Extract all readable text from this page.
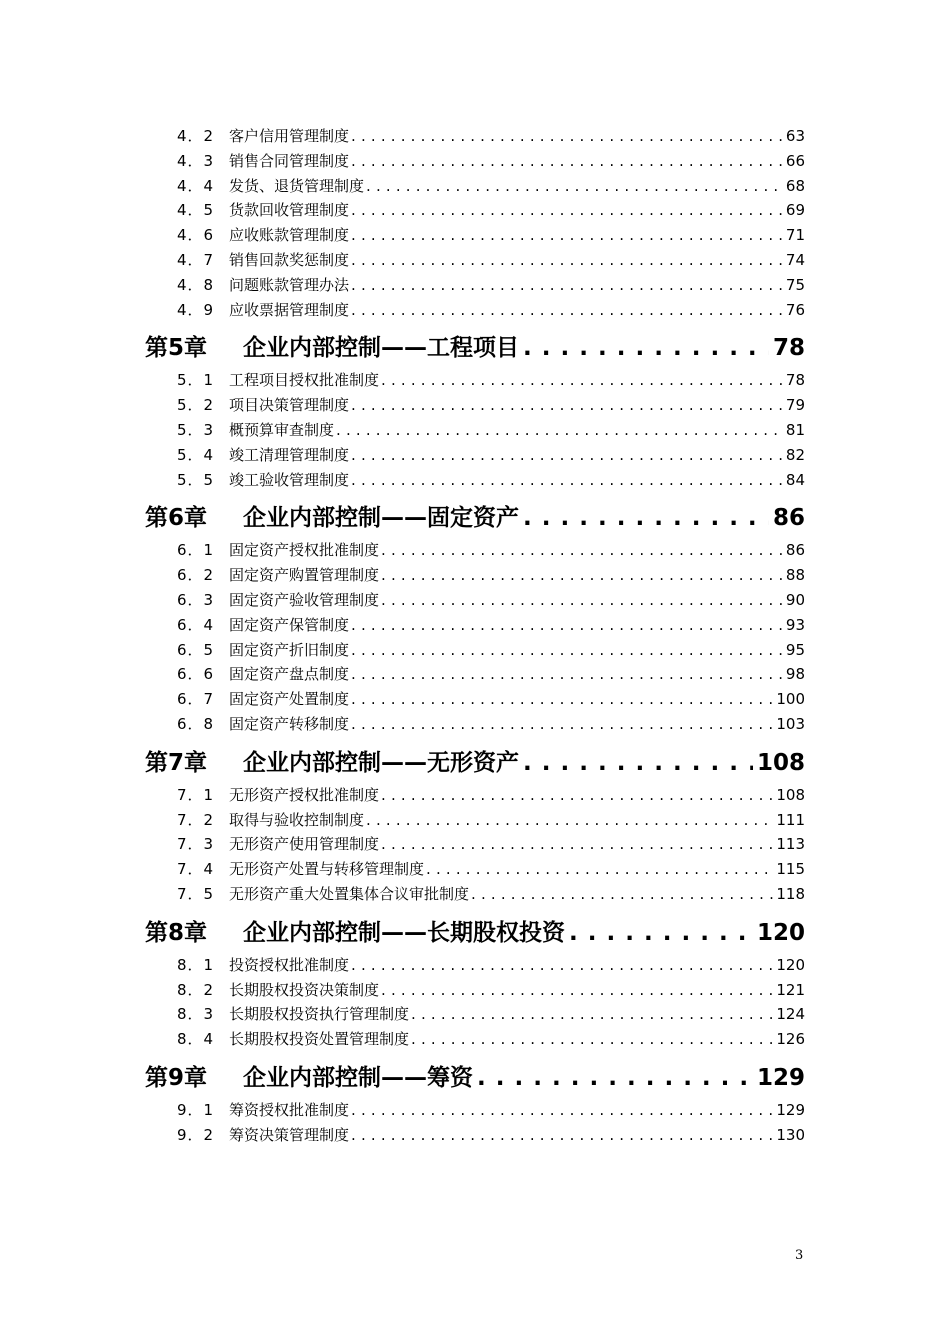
4．2 客户信用管理制度 . . .	63
4．3 销售合同管理制度 . . .	66
4．4 发货、退货管理制度 . . .	68
4．5 货款回收管理制度 . . .	69
4．6 应收账款管理制度 . . .	71
4．7 销售回款奖惩制度 . . .	74
4．8 问题账款管理办法 . . .	75
4．9 应收票据管理制度 . . .	76
第5章	企业内部控制——工程项目 . . .	78
5．1 工程项目授权批准制度 . . .	78
5．2 项目决策管理制度 . . .	79
5．3 概预算审查制度 . . .	81
5．4 竣工清理管理制度 . . .	82
5．5 竣工验收管理制度 . . .	84
第6章	企业内部控制——固定资产 . . .	86
6．1 固定资产授权批准制度 . . .	86
6．2 固定资产购置管理制度 . . .	88
6．3 固定资产验收管理制度 . . .	90
6．4 固定资产保管制度 . . .	93
6．5 固定资产折旧制度 . . .	95
6．6 固定资产盘点制度 . . .	98
6．7 固定资产处置制度 . . .	100
6．8 固定资产转移制度 . . .	103
第7章	企业内部控制——无形资产 . . .	108
7．1 无形资产授权批准制度 . . .	108
7．2 取得与验收控制制度 . . .	111
7．3 无形资产使用管理制度 . . .	113
7．4 无形资产处置与转移管理制度 . . .	115
7．5 无形资产重大处置集体合议审批制度 . . .	118
第8章	企业内部控制——长期股权投资 . . .	120
8．1 投资授权批准制度 . . .	120
8．2 长期股权投资决策制度 . . .	121
8．3 长期股权投资执行管理制度 . . .	124
8．4 长期股权投资处置管理制度 . . .	126
第9章	企业内部控制——筹资 . . .	129
9．1 筹资授权批准制度 . . .	129
9．2 筹资决策管理制度 . . .	130
3
